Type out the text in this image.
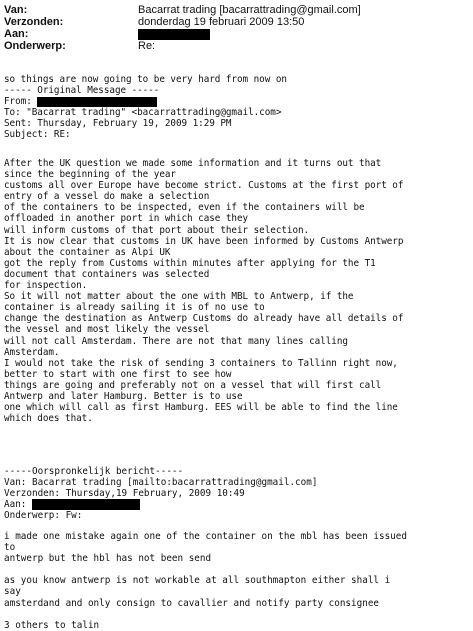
Van:	Bacarrat trading [bacarrattrading@gmail.com]
Verzonden:	donderdag 19 februari 2009 13:50
Aan:
Onderwerp:	Re:
so things are now going to be very hard from now on
----- Original Message -----
From:
To: "Bacarrat trading" <bacarrattrading@gmail.com>
Sent: Thursday, February 19, 2009 1:29 PM
Subject: RE:
After the UK question we made some information and it turns out that
since the beginning of the year
customs all over Europe have become strict. Customs at the first port of
entry of a vessel do make a selection
of the containers to be inspected, even if the containers will be
offloaded in another port in which case they
will inform customs of that port about their selection.
It is now clear that customs in UK have been informed by Customs Antwerp
about the container as Alpi UK
got the reply from Customs within minutes after applying for the T1
document that containers was selected
for inspection.
So it will not matter about the one with MBL to Antwerp, if the
container is already sailing it is of no use to
change the destination as Antwerp Customs do already have all details of
the vessel and most likely the vessel
will not call Amsterdam. There are not that many lines calling
Amsterdam.
I would not take the risk of sending 3 containers to Tallinn right now,
better to start with one first to see how
things are going and preferably not on a vessel that will first call
Antwerp and later Hamburg. Better is to use
one which will call as first Hamburg. EES will be able to find the line
which does that.
-----Oorspronkelijk bericht-----
Van: Bacarrat trading [mailto:bacarrattrading@gmail.com]
Verzonden: Thursday,19 February, 2009 10:49
Aan:
Onderwerp: Fw:
i made one mistake again one of the container on the mbl has been issued
to
antwerp but the hbl has not been send
as you know antwerp is not workable at all southmapton either shall i
say
amsterdand and only consign to cavallier and notify party consignee
3 others to talin
